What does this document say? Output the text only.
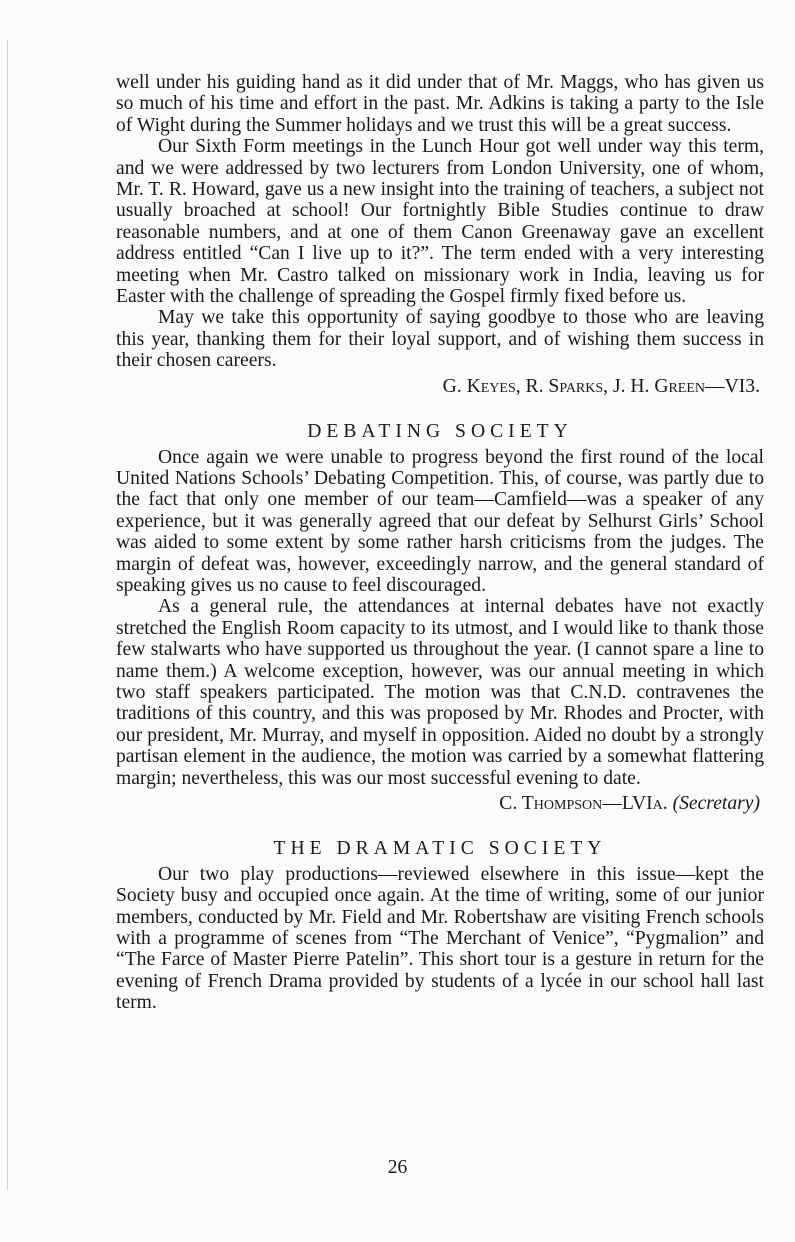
well under his guiding hand as it did under that of Mr. Maggs, who has given us so much of his time and effort in the past. Mr. Adkins is taking a party to the Isle of Wight during the Summer holidays and we trust this will be a great success.

Our Sixth Form meetings in the Lunch Hour got well under way this term, and we were addressed by two lecturers from London University, one of whom, Mr. T. R. Howard, gave us a new insight into the training of teachers, a subject not usually broached at school! Our fortnightly Bible Studies continue to draw reasonable numbers, and at one of them Canon Greenaway gave an excellent address entitled “Can I live up to it?”. The term ended with a very interesting meeting when Mr. Castro talked on missionary work in India, leaving us for Easter with the challenge of spreading the Gospel firmly fixed before us.

May we take this opportunity of saying goodbye to those who are leaving this year, thanking them for their loyal support, and of wishing them success in their chosen careers.

G. Keyes, R. Sparks, J. H. Green—VI3.
DEBATING SOCIETY

Once again we were unable to progress beyond the first round of the local United Nations Schools’ Debating Competition. This, of course, was partly due to the fact that only one member of our team—Camfield—was a speaker of any experience, but it was generally agreed that our defeat by Selhurst Girls’ School was aided to some extent by some rather harsh criticisms from the judges. The margin of defeat was, however, exceedingly narrow, and the general standard of speaking gives us no cause to feel discouraged.

As a general rule, the attendances at internal debates have not exactly stretched the English Room capacity to its utmost, and I would like to thank those few stalwarts who have supported us throughout the year. (I cannot spare a line to name them.) A welcome exception, however, was our annual meeting in which two staff speakers participated. The motion was that C.N.D. contravenes the traditions of this country, and this was proposed by Mr. Rhodes and Procter, with our president, Mr. Murray, and myself in opposition. Aided no doubt by a strongly partisan element in the audience, the motion was carried by a somewhat flattering margin; nevertheless, this was our most successful evening to date.

C. Thompson—LVIa. (Secretary)
THE DRAMATIC SOCIETY

Our two play productions—reviewed elsewhere in this issue—kept the Society busy and occupied once again. At the time of writing, some of our junior members, conducted by Mr. Field and Mr. Robertshaw are visiting French schools with a programme of scenes from “The Merchant of Venice”, “Pygmalion” and “The Farce of Master Pierre Patelin”. This short tour is a gesture in return for the evening of French Drama provided by students of a lycée in our school hall last term.

26
